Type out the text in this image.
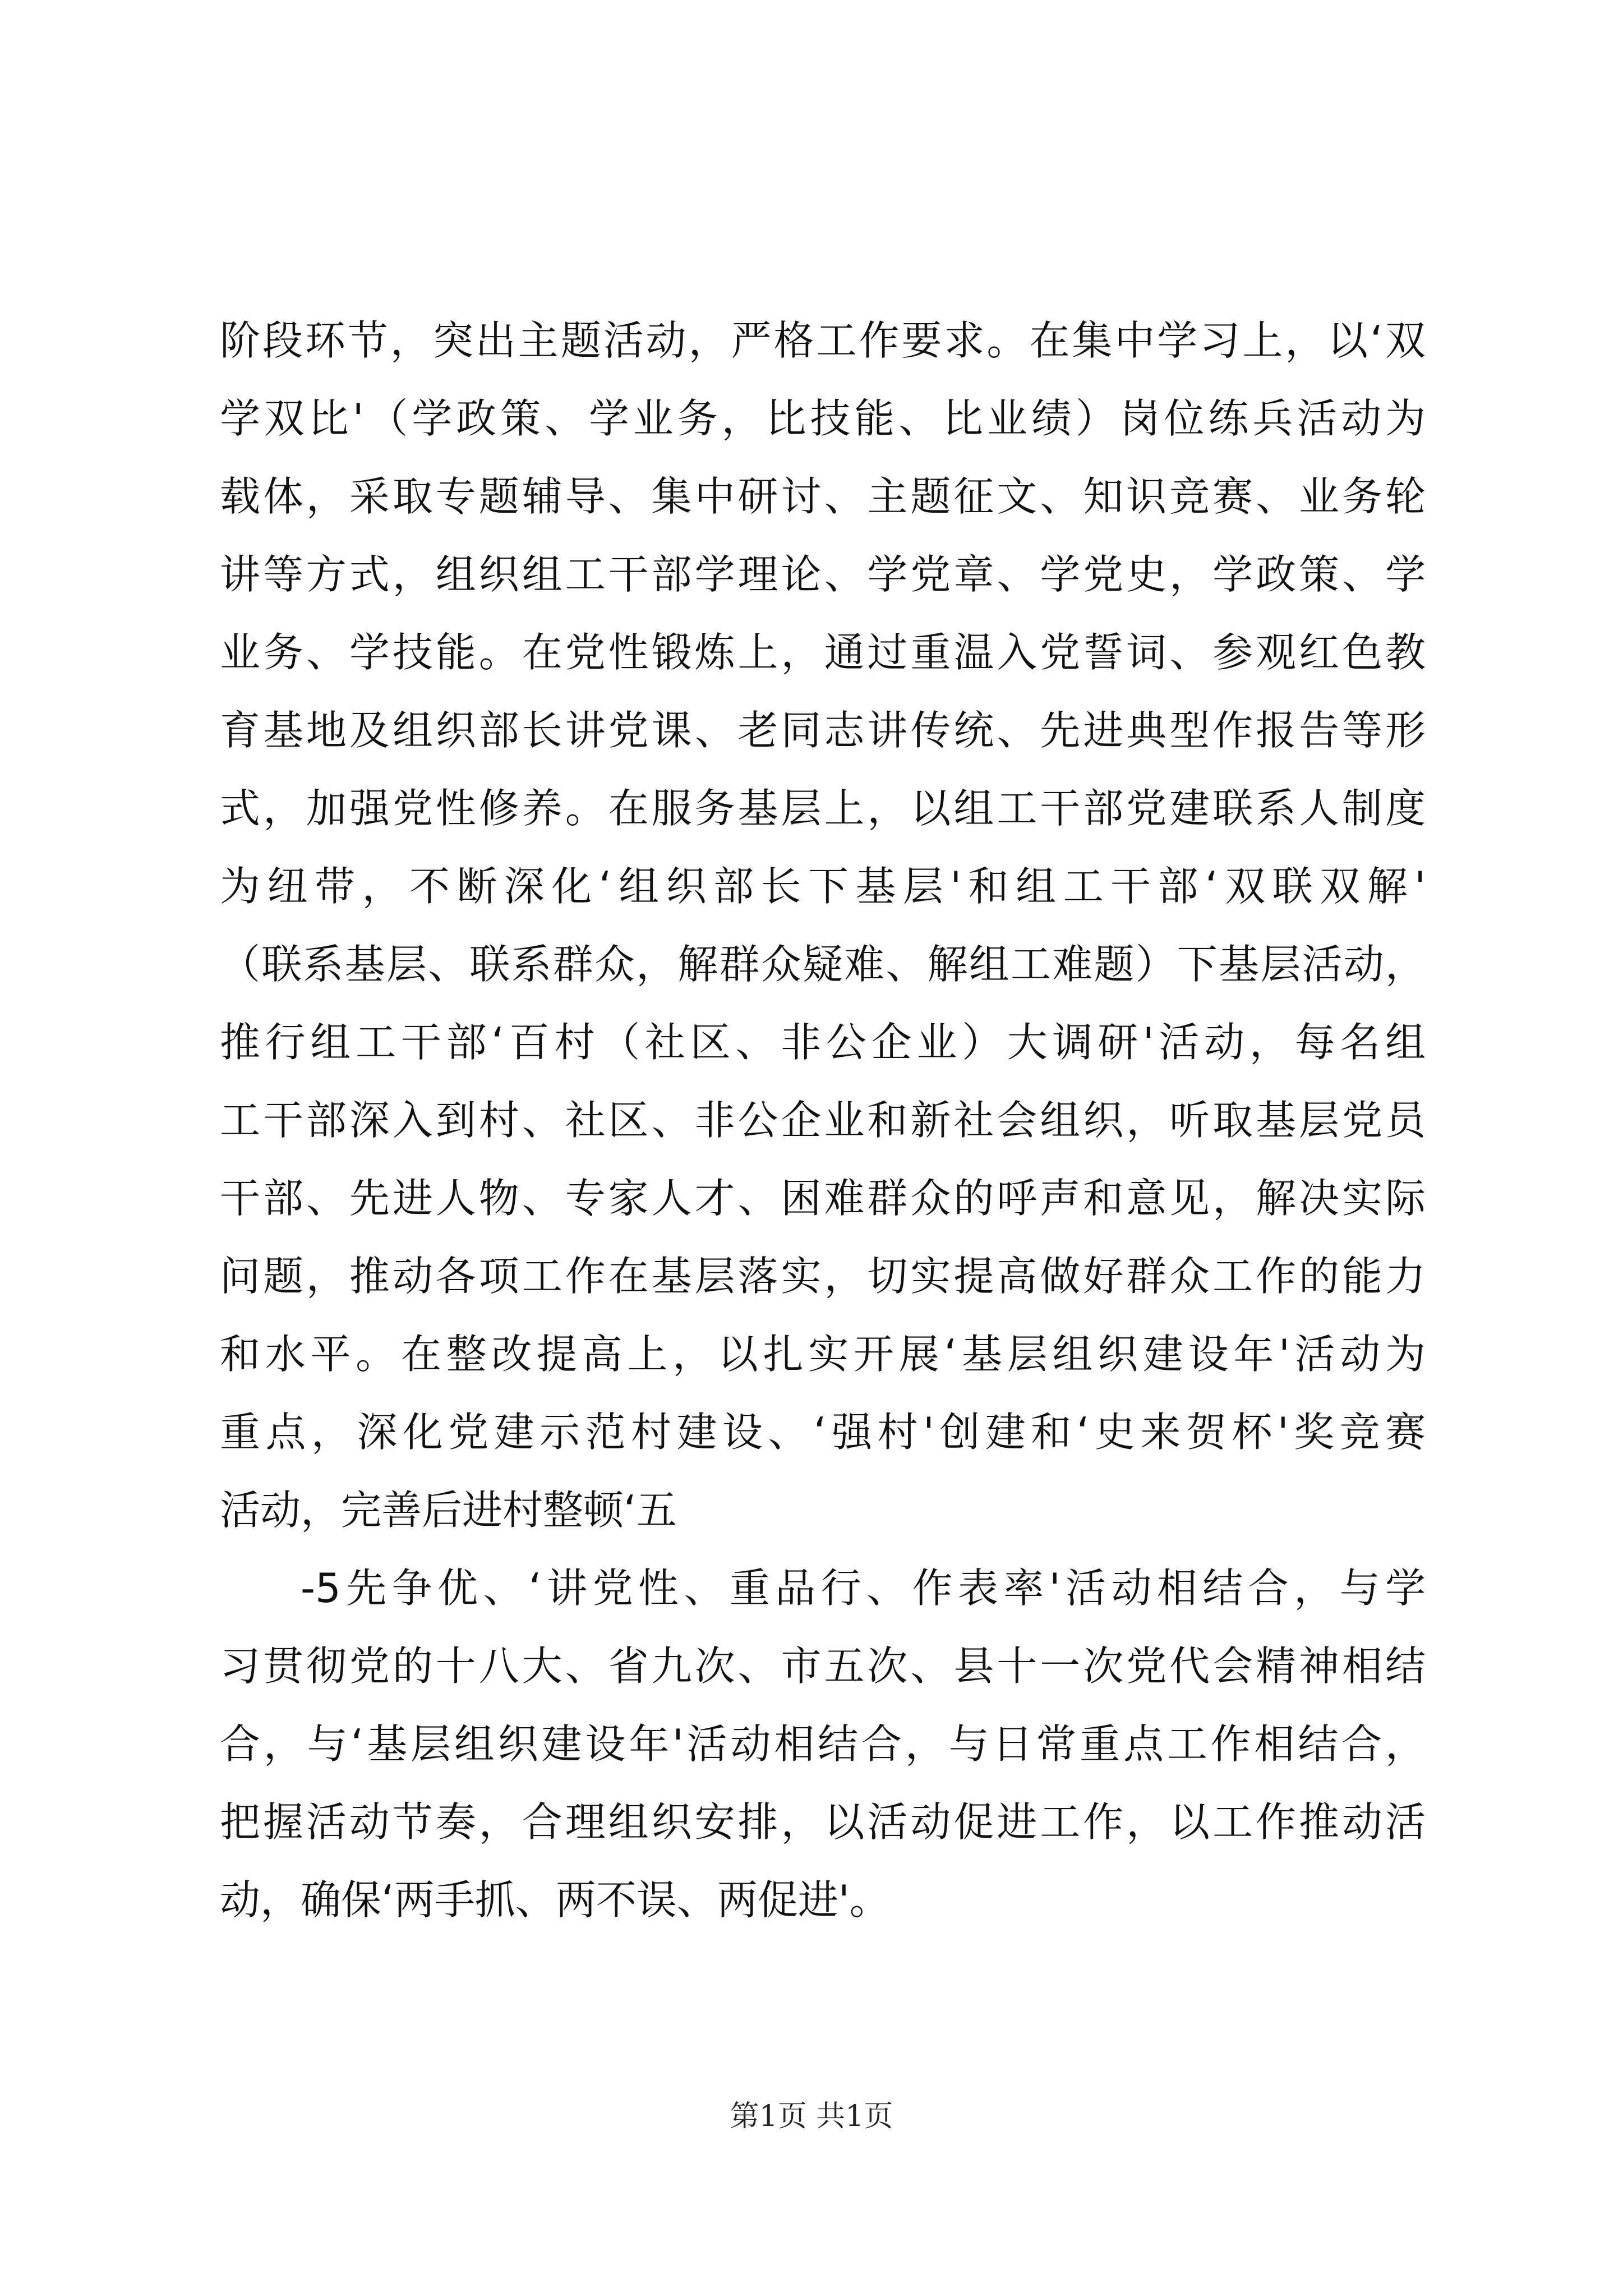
阶段环节，突出主题活动，严格工作要求。在集中学习上，以‘双
学双比'（学政策、学业务，比技能、比业绩）岗位练兵活动为
载体，采取专题辅导、集中研讨、主题征文、知识竞赛、业务轮
讲等方式，组织组工干部学理论、学党章、学党史，学政策、学
业务、学技能。在党性锻炼上，通过重温入党誓词、参观红色教
育基地及组织部长讲党课、老同志讲传统、先进典型作报告等形
式，加强党性修养。在服务基层上，以组工干部党建联系人制度
为纽带，不断深化‘组织部长下基层'和组工干部‘双联双解'
（联系基层、联系群众，解群众疑难、解组工难题）下基层活动，
推行组工干部‘百村（社区、非公企业）大调研'活动，每名组
工干部深入到村、社区、非公企业和新社会组织，听取基层党员
干部、先进人物、专家人才、困难群众的呼声和意见，解决实际
问题，推动各项工作在基层落实，切实提高做好群众工作的能力
和水平。在整改提高上，以扎实开展‘基层组织建设年'活动为
重点，深化党建示范村建设、‘强村'创建和‘史来贺杯'奖竞赛
活动，完善后进村整顿‘五
-5先争优、‘讲党性、重品行、作表率'活动相结合，与学
习贯彻党的十八大、省九次、市五次、县十一次党代会精神相结
合，与‘基层组织建设年'活动相结合，与日常重点工作相结合，
把握活动节奏，合理组织安排，以活动促进工作，以工作推动活
动，确保‘两手抓、两不误、两促进'。
第1页 共1页
